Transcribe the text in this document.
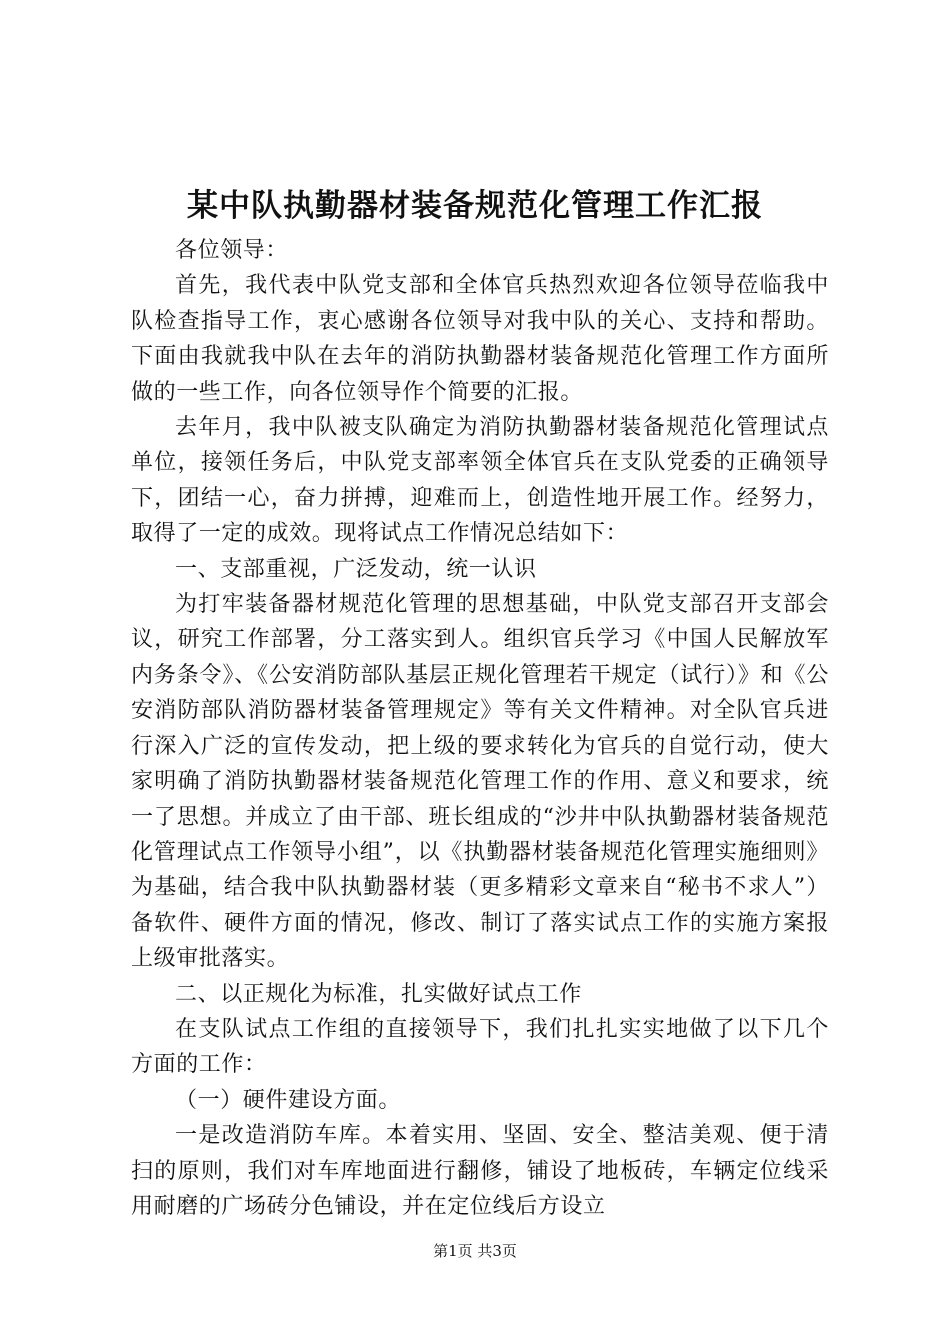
某中队执勤器材装备规范化管理工作汇报

各位领导：

首先，我代表中队党支部和全体官兵热烈欢迎各位领导莅临我中队检查指导工作，衷心感谢各位领导对我中队的关心、支持和帮助。下面由我就我中队在去年的消防执勤器材装备规范化管理工作方面所做的一些工作，向各位领导作个简要的汇报。

去年月，我中队被支队确定为消防执勤器材装备规范化管理试点单位，接领任务后，中队党支部率领全体官兵在支队党委的正确领导下，团结一心，奋力拼搏，迎难而上，创造性地开展工作。经努力，取得了一定的成效。现将试点工作情况总结如下：

一、支部重视，广泛发动，统一认识

为打牢装备器材规范化管理的思想基础，中队党支部召开支部会议，研究工作部署，分工落实到人。组织官兵学习《中国人民解放军内务条令》、《公安消防部队基层正规化管理若干规定（试行）》和《公安消防部队消防器材装备管理规定》等有关文件精神。对全队官兵进行深入广泛的宣传发动，把上级的要求转化为官兵的自觉行动，使大家明确了消防执勤器材装备规范化管理工作的作用、意义和要求，统一了思想。并成立了由干部、班长组成的“沙井中队执勤器材装备规范化管理试点工作领导小组”，以《执勤器材装备规范化管理实施细则》为基础，结合我中队执勤器材装（更多精彩文章来自“秘书不求人”）备软件、硬件方面的情况，修改、制订了落实试点工作的实施方案报上级审批落实。

二、以正规化为标准，扎实做好试点工作

在支队试点工作组的直接领导下，我们扎扎实实地做了以下几个方面的工作：

（一）硬件建设方面。

一是改造消防车库。本着实用、坚固、安全、整洁美观、便于清扫的原则，我们对车库地面进行翻修，铺设了地板砖，车辆定位线采用耐磨的广场砖分色铺设，并在定位线后方设立

第1页 共3页
